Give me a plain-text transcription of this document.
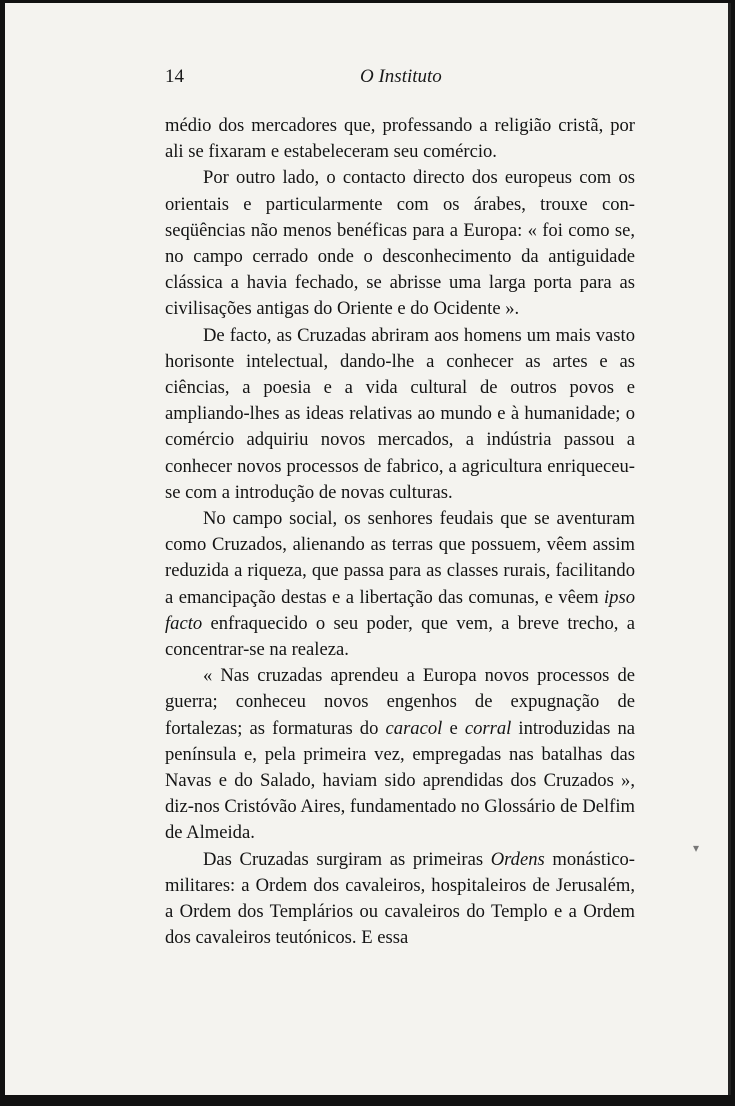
14	O Instituto

médio dos mercadores que, professando a religião cristã, por ali se fixaram e estabeleceram seu comércio.

Por outro lado, o contacto directo dos europeus com os orientais e particularmente com os árabes, trouxe conseqüências não menos benéficas para a Europa: « foi como se, no campo cerrado onde o desconhecimento da antiguidade clássica a havia fechado, se abrisse uma larga porta para as civilisações antigas do Oriente e do Ocidente ».

De facto, as Cruzadas abriram aos homens um mais vasto horisonte intelectual, dando-lhe a conhecer as artes e as ciências, a poesia e a vida cultural de outros povos e ampliando-lhes as ideas relativas ao mundo e à humanidade; o comércio adquiriu novos mercados, a indústria passou a conhecer novos processos de fabrico, a agricultura enriqueceu-se com a introdução de novas culturas.

No campo social, os senhores feudais que se aventuram como Cruzados, alienando as terras que possuem, vêem assim reduzida a riqueza, que passa para as classes rurais, facilitando a emancipação destas e a libertação das comunas, e vêem ipso facto enfraquecido o seu poder, que vem, a breve trecho, a concentrar-se na realeza.

« Nas cruzadas aprendeu a Europa novos processos de guerra; conheceu novos engenhos de expugnação de fortalezas; as formaturas do caracol e corral introduzidas na península e, pela primeira vez, empregadas nas batalhas das Navas e do Salado, haviam sido aprendidas dos Cruzados », diz-nos Cristóvão Aires, fundamentado no Glossário de Delfim de Almeida.

Das Cruzadas surgiram as primeiras Ordens monástico-militares: a Ordem dos cavaleiros, hospitaleiros de Jerusalém, a Ordem dos Templários ou cavaleiros do Templo e a Ordem dos cavaleiros teutónicos. E essa

▾
